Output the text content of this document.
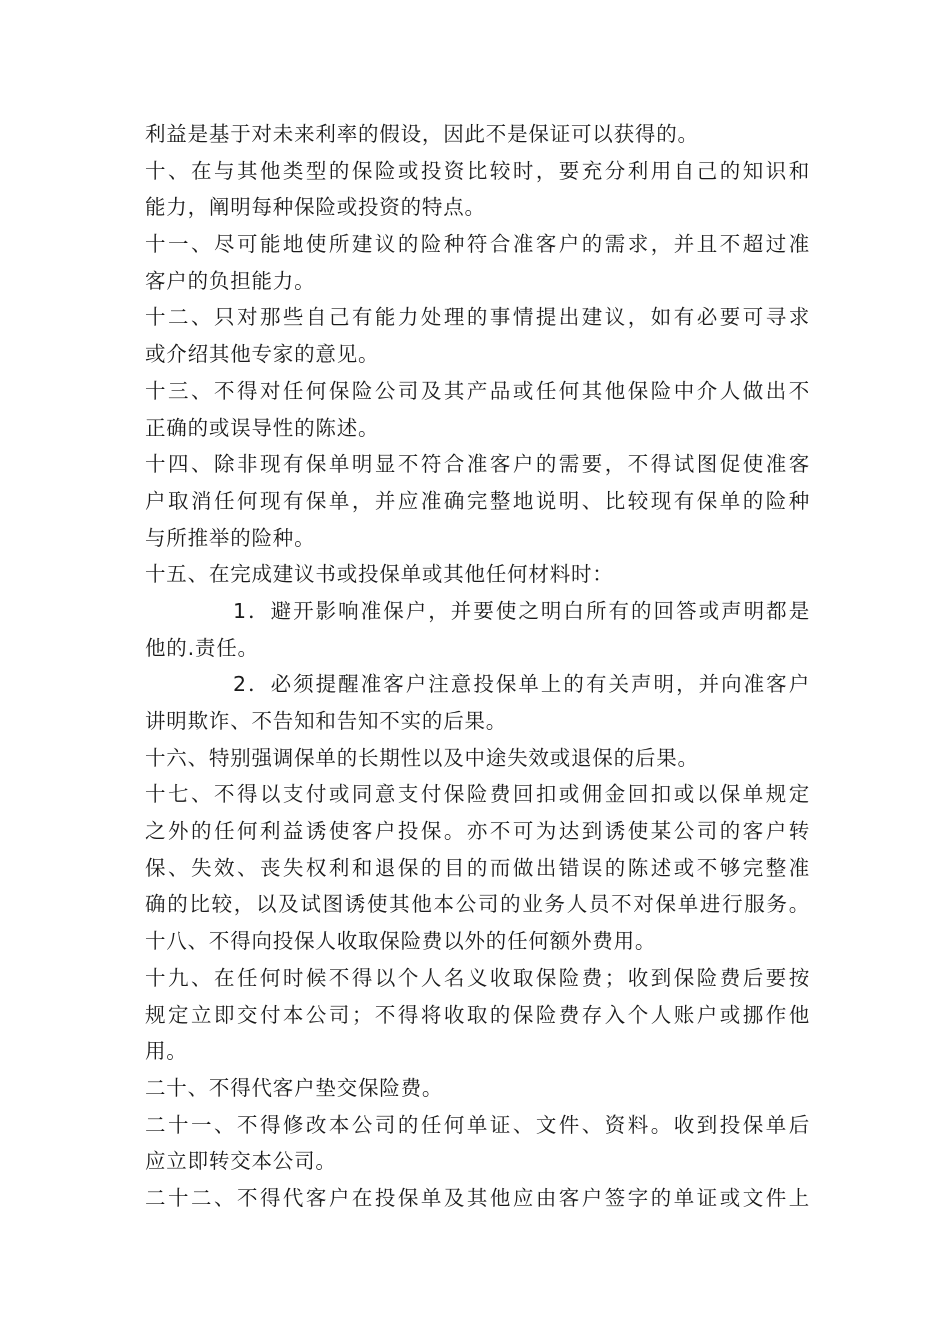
利益是基于对未来利率的假设，因此不是保证可以获得的。
十、在与其他类型的保险或投资比较时，要充分利用自己的知识和
能力，阐明每种保险或投资的特点。
十一、尽可能地使所建议的险种符合准客户的需求，并且不超过准
客户的负担能力。
十二、只对那些自己有能力处理的事情提出建议，如有必要可寻求
或介绍其他专家的意见。
十三、不得对任何保险公司及其产品或任何其他保险中介人做出不
正确的或误导性的陈述。
十四、除非现有保单明显不符合准客户的需要，不得试图促使准客
户取消任何现有保单，并应准确完整地说明、比较现有保单的险种
与所推举的险种。
十五、在完成建议书或投保单或其他任何材料时：
1．避开影响准保户，并要使之明白所有的回答或声明都是
他的.责任。
2．必须提醒准客户注意投保单上的有关声明，并向准客户
讲明欺诈、不告知和告知不实的后果。
十六、特别强调保单的长期性以及中途失效或退保的后果。
十七、不得以支付或同意支付保险费回扣或佣金回扣或以保单规定
之外的任何利益诱使客户投保。亦不可为达到诱使某公司的客户转
保、失效、丧失权利和退保的目的而做出错误的陈述或不够完整准
确的比较，以及试图诱使其他本公司的业务人员不对保单进行服务。
十八、不得向投保人收取保险费以外的任何额外费用。
十九、在任何时候不得以个人名义收取保险费；收到保险费后要按
规定立即交付本公司；不得将收取的保险费存入个人账户或挪作他
用。
二十、不得代客户垫交保险费。
二十一、不得修改本公司的任何单证、文件、资料。收到投保单后
应立即转交本公司。
二十二、不得代客户在投保单及其他应由客户签字的单证或文件上
